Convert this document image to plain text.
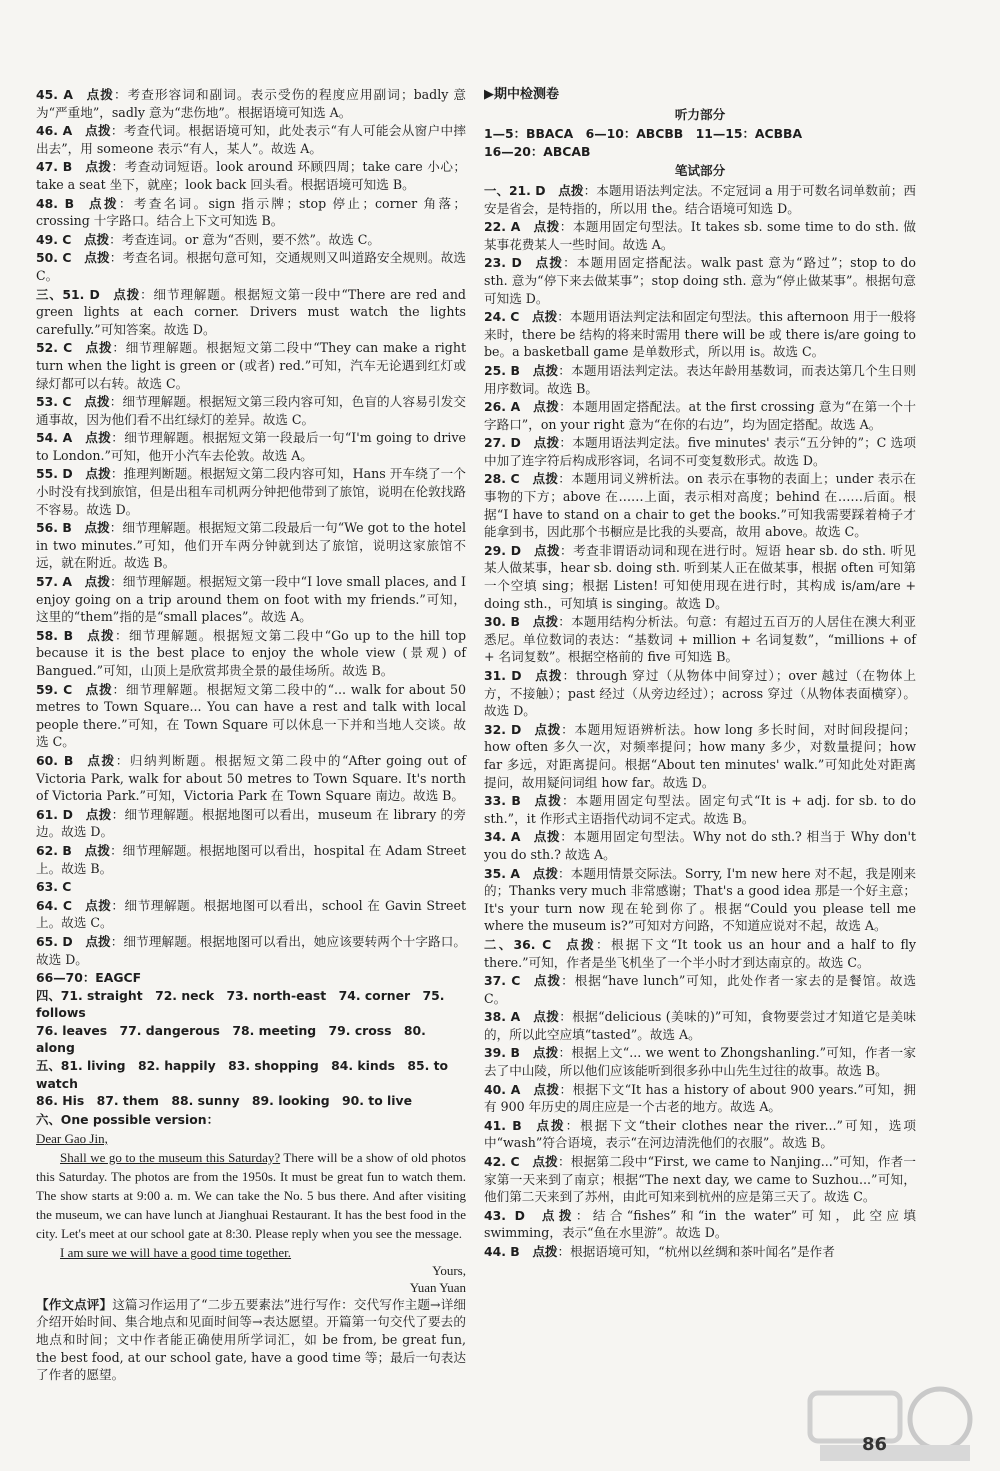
45. A  点拨：考查形容词和副词。表示受伤的程度应用副词；badly 意为“严重地”，sadly 意为“悲伤地”。根据语境可知选 A。
46. A  点拨：考查代词。根据语境可知，此处表示“有人可能会从窗户中摔出去”，用 someone 表示“有人，某人”。故选 A。
47. B  点拨：考查动词短语。look around 环顾四周；take care 小心；take a seat 坐下，就座；look back 回头看。根据语境可知选 B。
48. B  点拨：考查名词。sign 指示牌；stop 停止；corner 角落；crossing 十字路口。结合上下文可知选 B。
49. C  点拨：考查连词。or 意为“否则，要不然”。故选 C。
50. C  点拨：考查名词。根据句意可知，交通规则又叫道路安全规则。故选 C。
三、51. D  点拨：细节理解题。根据短文第一段中“There are red and green lights at each corner. Drivers must watch the lights carefully.”可知答案。故选 D。
52. C  点拨：细节理解题。根据短文第二段中“They can make a right turn when the light is green or (或者) red.”可知，汽车无论遇到红灯或绿灯都可以右转。故选 C。
53. C  点拨：细节理解题。根据短文第三段内容可知，色盲的人容易引发交通事故，因为他们看不出红绿灯的差异。故选 C。
54. A  点拨：细节理解题。根据短文第一段最后一句“I'm going to drive to London.”可知，他开小汽车去伦敦。故选 A。
55. D  点拨：推理判断题。根据短文第二段内容可知，Hans 开车绕了一个小时没有找到旅馆，但是出租车司机两分钟把他带到了旅馆，说明在伦敦找路不容易。故选 D。
56. B  点拨：细节理解题。根据短文第二段最后一句“We got to the hotel in two minutes.”可知，他们开车两分钟就到达了旅馆，说明这家旅馆不远，就在附近。故选 B。
57. A  点拨：细节理解题。根据短文第一段中“I love small places, and I enjoy going on a trip around them on foot with my friends.”可知，这里的“them”指的是“small places”。故选 A。
58. B  点拨：细节理解题。根据短文第二段中“Go up to the hill top because it is the best place to enjoy the whole view (景观) of Bangued.”可知，山顶上是欣赏邦贵全景的最佳场所。故选 B。
59. C  点拨：细节理解题。根据短文第二段中的“... walk for about 50 metres to Town Square... You can have a rest and talk with local people there.”可知，在 Town Square 可以休息一下并和当地人交谈。故选 C。
60. B  点拨：归纳判断题。根据短文第二段中的“After going out of Victoria Park, walk for about 50 metres to Town Square. It's north of Victoria Park.”可知，Victoria Park 在 Town Square 南边。故选 B。
61. D  点拨：细节理解题。根据地图可以看出，museum 在 library 的旁边。故选 D。
62. B  点拨：细节理解题。根据地图可以看出，hospital 在 Adam Street 上。故选 B。
63. C
64. C  点拨：细节理解题。根据地图可以看出，school 在 Gavin Street 上。故选 C。
65. D  点拨：细节理解题。根据地图可以看出，她应该要转两个十字路口。故选 D。
66—70：EAGCF
四、71. straight　72. neck　73. north-east　74. corner　75. follows
76. leaves　77. dangerous　78. meeting　79. cross　80. along
五、81. living　82. happily　83. shopping　84. kinds　85. to watch
86. His　87. them　88. sunny　89. looking　90. to live
六、One possible version：
Dear Gao Jin,

Shall we go to the museum this Saturday? There will be a show of old photos this Saturday. The photos are from the 1950s. It must be great fun to watch them. The show starts at 9:00 a. m. We can take the No. 5 bus there. And after visiting the museum, we can have lunch at Jianghuai Restaurant. It has the best food in the city. Let's meet at our school gate at 8:30. Please reply when you see the message.

I am sure we will have a good time together.

Yours,

Yuan Yuan

【作文点评】这篇习作运用了“二步五要素法”进行写作：交代写作主题→详细介绍开始时间、集合地点和见面时间等→表达愿望。开篇第一句交代了要去的地点和时间；文中作者能正确使用所学词汇，如 be from, be great fun, the best food, at our school gate, have a good time 等；最后一句表达了作者的愿望。
▶期中检测卷
听力部分
1—5：BBACA　6—10：ABCBB　11—15：ACBBA
16—20：ABCAB
笔试部分
一、21. D  点拨：本题用语法判定法。不定冠词 a 用于可数名词单数前；西安是省会，是特指的，所以用 the。结合语境可知选 D。
22. A  点拨：本题用固定句型法。It takes sb. some time to do sth. 做某事花费某人一些时间。故选 A。
23. D  点拨：本题用固定搭配法。walk past 意为“路过”；stop to do sth. 意为“停下来去做某事”；stop doing sth. 意为“停止做某事”。根据句意可知选 D。
24. C  点拨：本题用语法判定法和固定句型法。this afternoon 用于一般将来时，there be 结构的将来时需用 there will be 或 there is/are going to be。a basketball game 是单数形式，所以用 is。故选 C。
25. B  点拨：本题用语法判定法。表达年龄用基数词，而表达第几个生日则用序数词。故选 B。
26. A  点拨：本题用固定搭配法。at the first crossing 意为“在第一个十字路口”，on your right 意为“在你的右边”，均为固定搭配。故选 A。
27. D  点拨：本题用语法判定法。five minutes' 表示“五分钟的”；C 选项中加了连字符后构成形容词，名词不可变复数形式。故选 D。
28. C  点拨：本题用词义辨析法。on 表示在事物的表面上；under 表示在事物的下方；above 在……上面，表示相对高度；behind 在……后面。根据“I have to stand on a chair to get the books.”可知我需要踩着椅子才能拿到书，因此那个书橱应是比我的头要高，故用 above。故选 C。
29. D  点拨：考查非谓语动词和现在进行时。短语 hear sb. do sth. 听见某人做某事，hear sb. doing sth. 听到某人正在做某事，根据 often 可知第一个空填 sing；根据 Listen! 可知使用现在进行时，其构成 is/am/are + doing sth.，可知填 is singing。故选 D。
30. B  点拨：本题用结构分析法。句意：有超过五百万的人居住在澳大利亚悉尼。单位数词的表达：“基数词 + million + 名词复数”，“millions + of + 名词复数”。根据空格前的 five 可知选 B。
31. D  点拨：through 穿过（从物体中间穿过）；over 越过（在物体上方，不接触）；past 经过（从旁边经过）；across 穿过（从物体表面横穿）。故选 D。
32. D  点拨：本题用短语辨析法。how long 多长时间，对时间段提问；how often 多久一次，对频率提问；how many 多少，对数量提问；how far 多远，对距离提问。根据“About ten minutes' walk.”可知此处对距离提问，故用疑问词组 how far。故选 D。
33. B  点拨：本题用固定句型法。固定句式“It is + adj. for sb. to do sth.”，it 作形式主语指代动词不定式。故选 B。
34. A  点拨：本题用固定句型法。Why not do sth.? 相当于 Why don't you do sth.? 故选 A。
35. A  点拨：本题用情景交际法。Sorry, I'm new here 对不起，我是刚来的；Thanks very much 非常感谢；That's a good idea 那是一个好主意；It's your turn now 现在轮到你了。根据“Could you please tell me where the museum is?”可知对方问路，不知道应说对不起，故选 A。
二、36. C  点拨：根据下文“It took us an hour and a half to fly there.”可知，作者是坐飞机坐了一个半小时才到达南京的。故选 C。
37. C  点拨：根据“have lunch”可知，此处作者一家去的是餐馆。故选 C。
38. A  点拨：根据“delicious (美味的)”可知，食物要尝过才知道它是美味的，所以此空应填“tasted”。故选 A。
39. B  点拨：根据上文“... we went to Zhongshanling.”可知，作者一家去了中山陵，所以他们应该能听到很多孙中山先生过往的故事。故选 B。
40. A  点拨：根据下文“It has a history of about 900 years.”可知，拥有 900 年历史的周庄应是一个古老的地方。故选 A。
41. B  点拨：根据下文“their clothes near the river...”可知，选项中“wash”符合语境，表示“在河边清洗他们的衣服”。故选 B。
42. C  点拨：根据第二段中“First, we came to Nanjing...”可知，作者一家第一天来到了南京；根据“The next day, we came to Suzhou...”可知，他们第二天来到了苏州，由此可知来到杭州的应是第三天了。故选 C。
43. D  点拨：结合“fishes”和“in the water”可知，此空应填 swimming，表示“鱼在水里游”。故选 D。
44. B  点拨：根据语境可知，“杭州以丝绸和茶叶闻名”是作者
86
